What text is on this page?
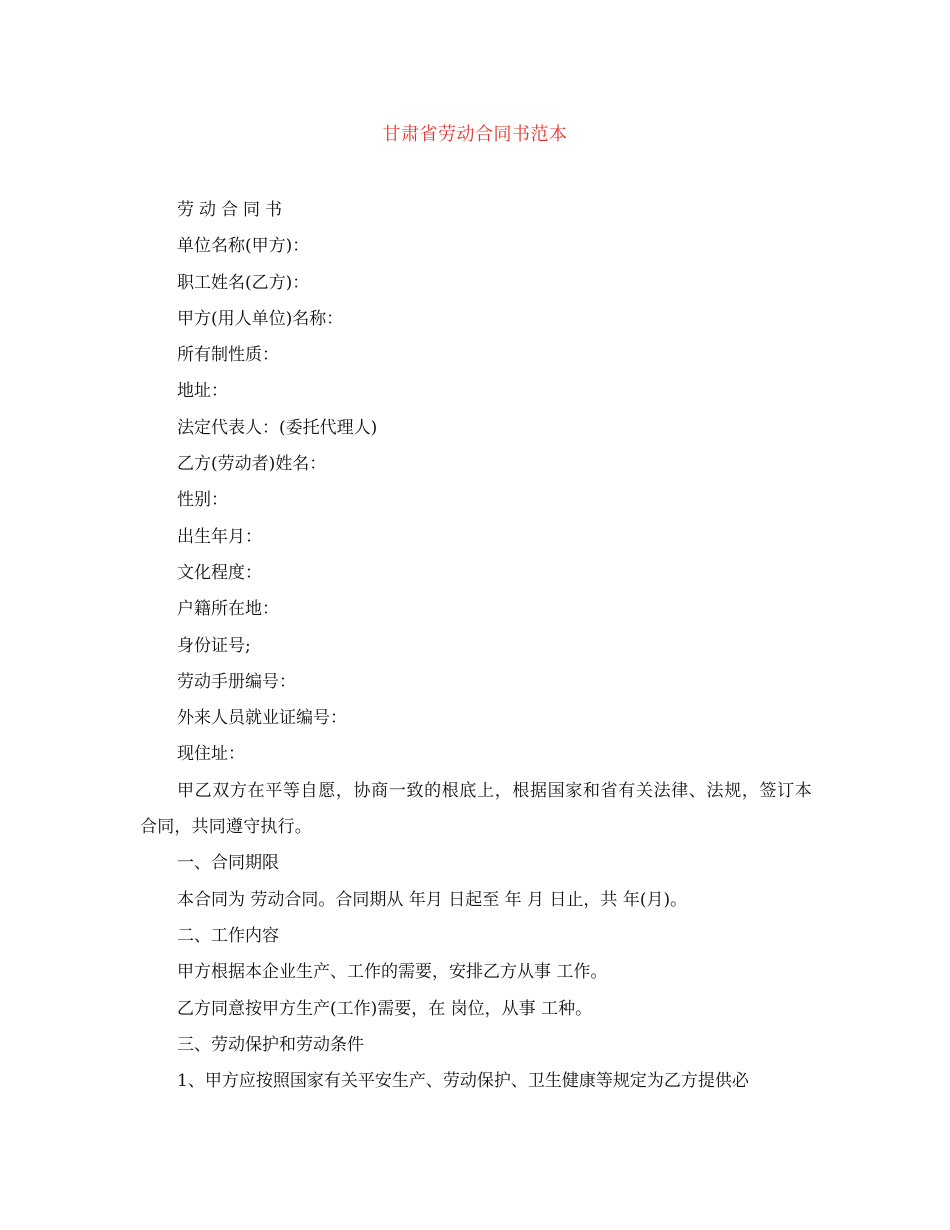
甘肃省劳动合同书范本
劳动合同书
单位名称(甲方)：
职工姓名(乙方)：
甲方(用人单位)名称：
所有制性质：
地址：
法定代表人：(委托代理人)
乙方(劳动者)姓名：
性别：
出生年月：
文化程度：
户籍所在地：
身份证号;
劳动手册编号：
外来人员就业证编号：
现住址：
甲乙双方在平等自愿，协商一致的根底上，根据国家和省有关法律、法规，签订本合同，共同遵守执行。
一、合同期限
本合同为 劳动合同。合同期从 年月 日起至 年 月 日止，共 年(月)。
二、工作内容
甲方根据本企业生产、工作的需要，安排乙方从事 工作。
乙方同意按甲方生产(工作)需要，在 岗位，从事 工种。
三、劳动保护和劳动条件
1、甲方应按照国家有关平安生产、劳动保护、卫生健康等规定为乙方提供必
